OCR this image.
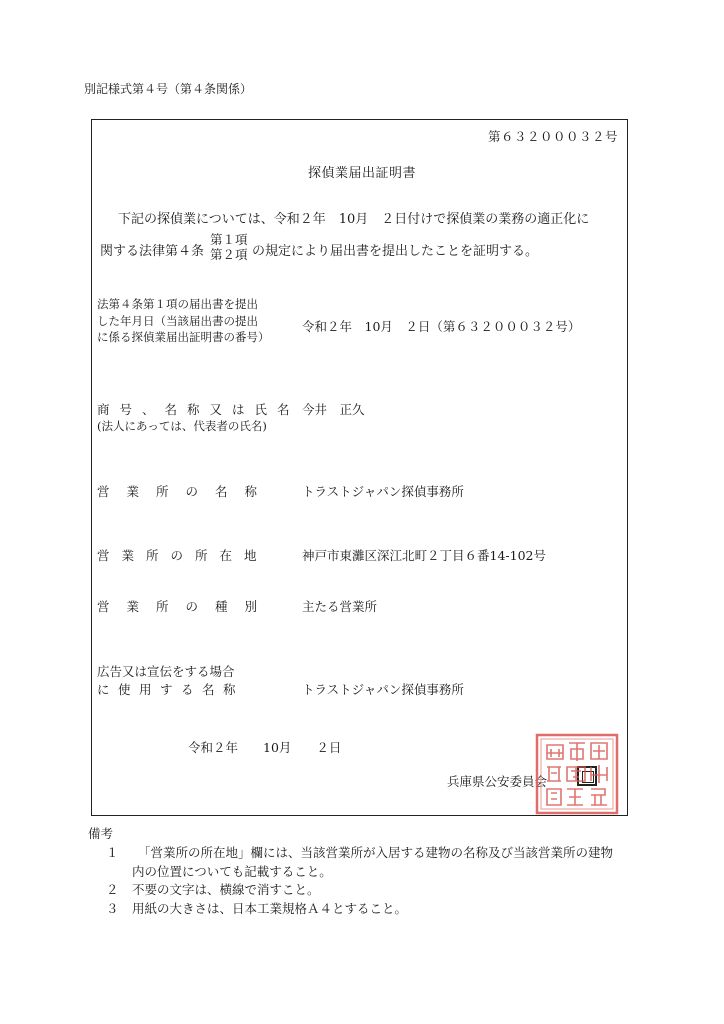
別記様式第４号（第４条関係）
第６３２０００３２号
探偵業届出証明書
下記の探偵業については、令和２年　10月　２日付けで探偵業の業務の適正化に
関する法律第４条
第１項
第２項 の規定により届出書を提出したことを証明する。
法第４条第１項の届出書を提出
した年月日（当該届出書の提出
に係る探偵業届出証明書の番号）
令和２年　10月　２日（第６３２０００３２号）
商号、名称又は氏名
(法人にあっては、代表者の氏名)
今井　正久
営業所の名称 トラストジャパン探偵事務所
営業所の所在地	神戸市東灘区深江北町２丁目６番14-102号
営業所の種別 主たる営業所
広告又は宣伝をする場合
に使用する名称	トラストジャパン探偵事務所
令和２年　　10月　　２日
兵庫県公安委員会
備考
１ 「営業所の所在地」欄には、当該営業所が入居する建物の名称及び当該営業所の建物
内の位置についても記載すること。
２ 不要の文字は、横線で消すこと。
３ 用紙の大きさは、日本工業規格Ａ４とすること。
